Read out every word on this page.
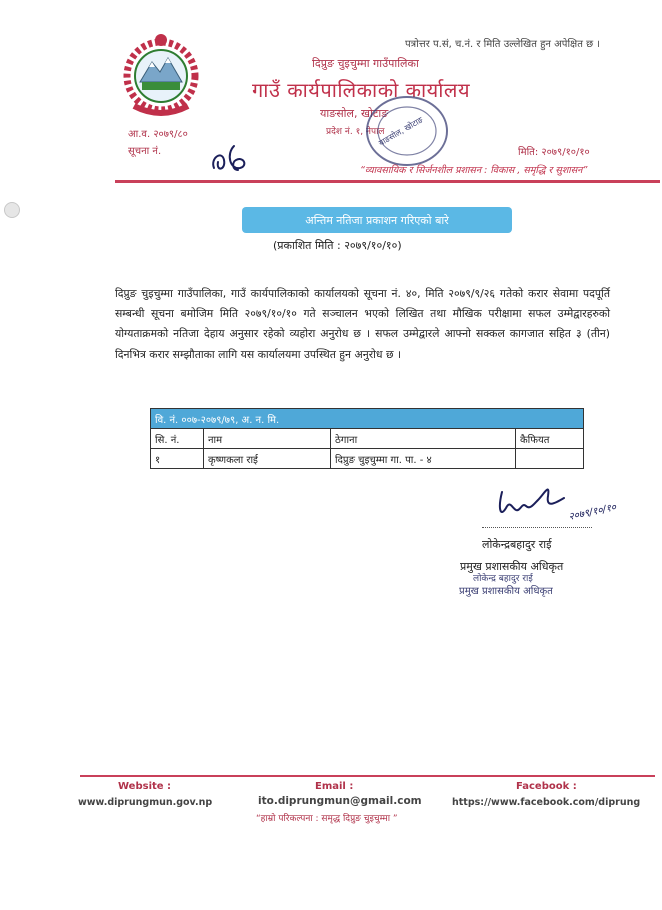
पत्रोत्तर प.सं, च.नं. र मिति उल्लेखित हुन अपेक्षित छ ।
दिप्रुङ चुइचुम्मा गाउँपालिका
गाउँ कार्यपालिकाको कार्यालय
याङसोल, खोटाङ
प्रदेश नं. १, नेपाल
याङसोल, खोटाङ
आ.व. २०७९/८०
सूचना नं.	मिति: २०७९/१०/१०
“व्यावसायिक र सिर्जनशील प्रशासन : विकास , समृद्धि र सुशासन”
अन्तिम नतिजा प्रकाशन गरिएको बारे
(प्रकाशित मिति : २०७९/१०/१०)
दिप्रुङ चुइचुम्मा गाउँपालिका, गाउँ कार्यपालिकाको कार्यालयको सूचना नं. ४०, मिति २०७९/९/२६ गतेको करार सेवामा पदपूर्ति सम्बन्धी सूचना बमोजिम मिति २०७९/१०/१० गते सञ्चालन भएको लिखित तथा मौखिक परीक्षामा सफल उम्मेद्वारहरुको योग्यताक्रमको नतिजा देहाय अनुसार रहेको व्यहोरा अनुरोध छ । सफल उम्मेद्वारले आफ्नो सक्कल कागजात सहित ३ (तीन) दिनभित्र करार सम्झौताका लागि यस कार्यालयमा उपस्थित हुन अनुरोध छ ।
वि. नं. ००७-२०७९/७९, अ. न. मि.			
सि. नं.	नाम	ठेगाना	कैफियत
१	कृष्णकला राई	दिप्रुङ चुइचुम्मा गा. पा. - ४	
२०७९/१०/१०
लोकेन्द्रबहादुर राई
प्रमुख प्रशासकीय अधिकृत
लोकेन्द्र बहादुर राई
प्रमुख प्रशासकीय अधिकृत
Website :
www.diprungmun.gov.np
Email :
ito.diprungmun@gmail.com
Facebook :
https://www.facebook.com/diprung
“हाम्रो परिकल्पना : समृद्ध दिप्रुङ चुइचुम्मा ”
